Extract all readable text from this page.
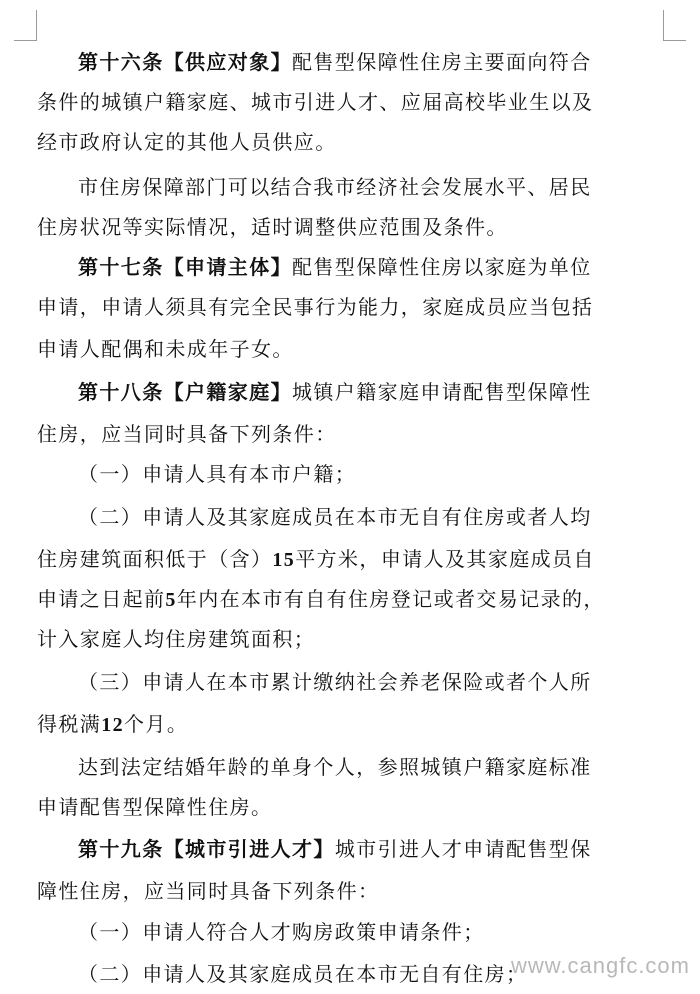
第十六条【供应对象】配售型保障性住房主要面向符合
条件的城镇户籍家庭、城市引进人才、应届高校毕业生以及
经市政府认定的其他人员供应。
市住房保障部门可以结合我市经济社会发展水平、居民
住房状况等实际情况，适时调整供应范围及条件。
第十七条【申请主体】配售型保障性住房以家庭为单位
申请，申请人须具有完全民事行为能力，家庭成员应当包括
申请人配偶和未成年子女。
第十八条【户籍家庭】城镇户籍家庭申请配售型保障性
住房，应当同时具备下列条件：
（一）申请人具有本市户籍；
（二）申请人及其家庭成员在本市无自有住房或者人均
住房建筑面积低于（含）15平方米，申请人及其家庭成员自
申请之日起前5年内在本市有自有住房登记或者交易记录的，
计入家庭人均住房建筑面积；
（三）申请人在本市累计缴纳社会养老保险或者个人所
得税满12个月。
达到法定结婚年龄的单身个人，参照城镇户籍家庭标准
申请配售型保障性住房。
第十九条【城市引进人才】城市引进人才申请配售型保
障性住房，应当同时具备下列条件：
（一）申请人符合人才购房政策申请条件；
（二）申请人及其家庭成员在本市无自有住房；
www.cangfc.com
